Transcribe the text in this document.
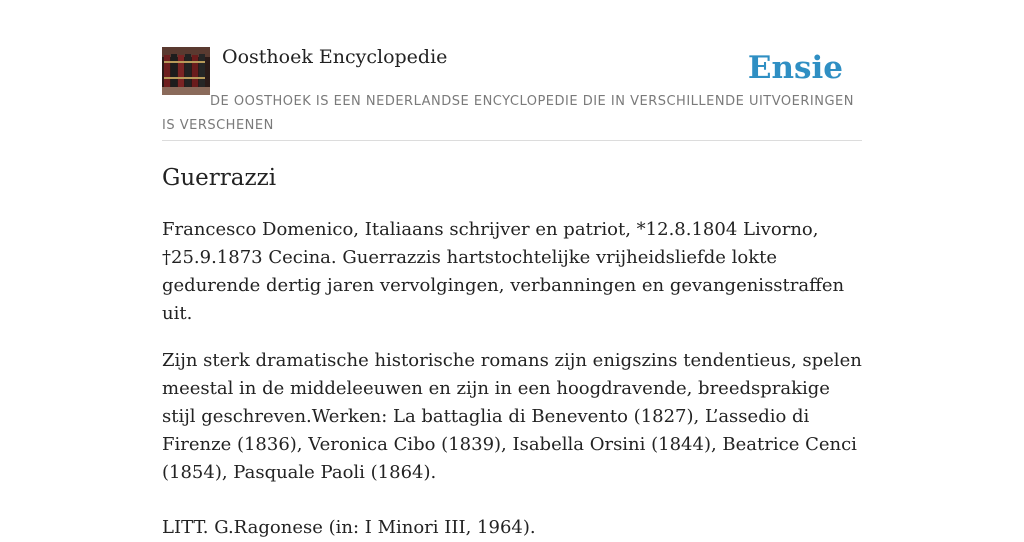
Oosthoek Encyclopedie	Ensie
DE OOSTHOEK IS EEN NEDERLANDSE ENCYCLOPEDIE DIE IN VERSCHILLENDE UITVOERINGEN IS VERSCHENEN
Guerrazzi

Francesco Domenico, Italiaans schrijver en patriot, *12.8.1804 Livorno, †25.9.1873 Cecina. Guerrazzis hartstochtelijke vrijheidsliefde lokte gedurende dertig jaren vervolgingen, verbanningen en gevangenisstraffen uit.

Zijn sterk dramatische historische romans zijn enigszins tendentieus, spelen meestal in de middeleeuwen en zijn in een hoogdravende, breedsprakige stijl geschreven.Werken: La battaglia di Benevento (1827), L’assedio di Firenze (1836), Veronica Cibo (1839), Isabella Orsini (1844), Beatrice Cenci (1854), Pasquale Paoli (1864).

LITT. G.Ragonese (in: I Minori III, 1964).
